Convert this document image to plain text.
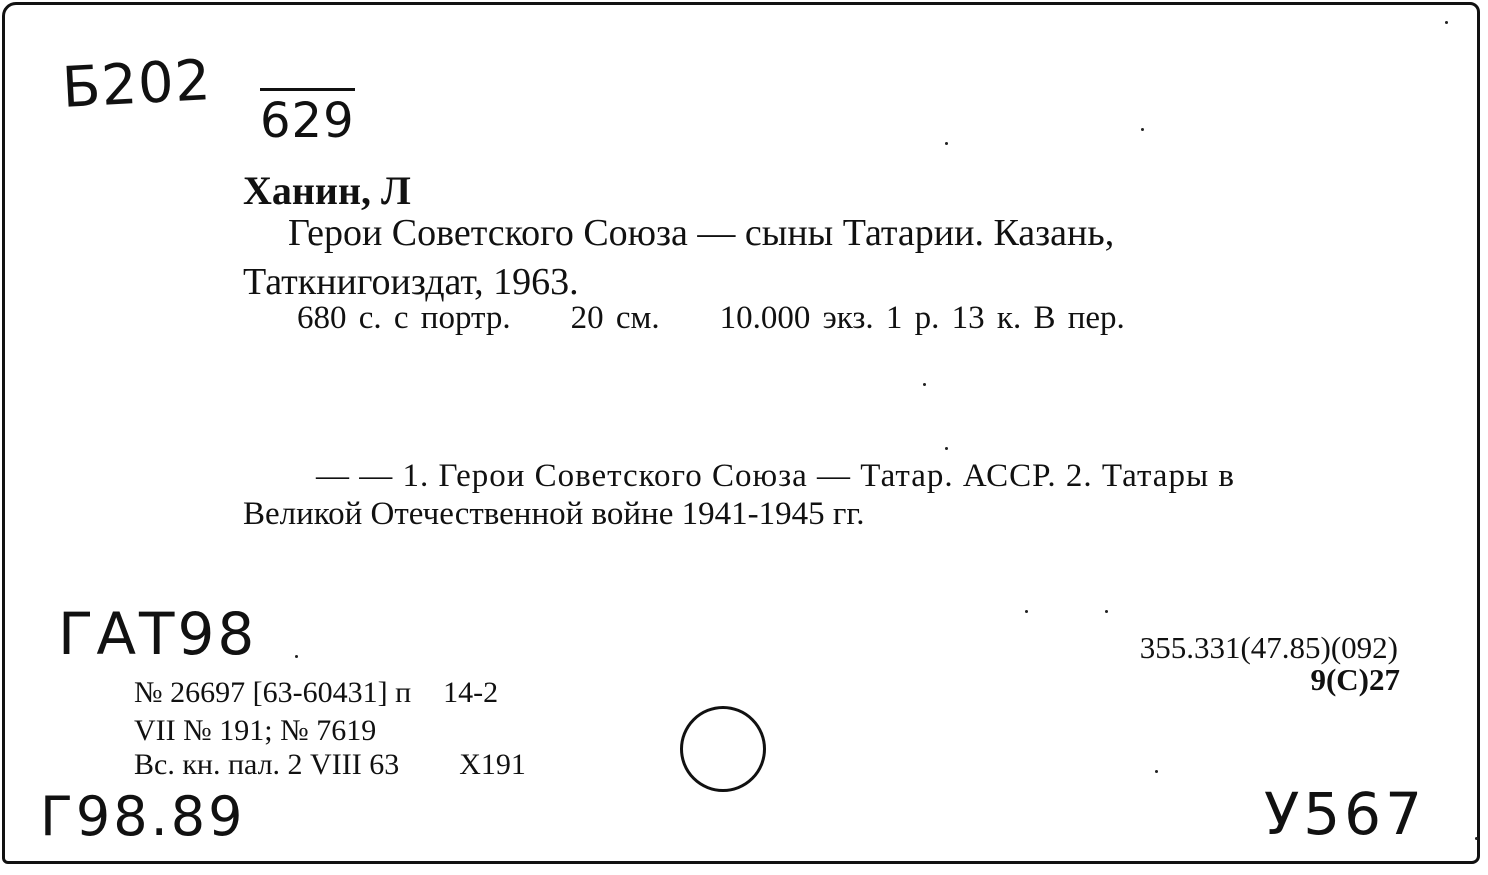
Б202
629
Ханин, Л
Герои Советского Союза — сыны Татарии. Казань,
Таткнигоиздат, 1963.
680 с. с портр. 20 см. 10.000 экз. 1 р. 13 к. В пер.
— — 1. Герои Советского Союза — Татар. АССР. 2. Татары в
Великой Отечественной войне 1941-1945 гг.
ГАТ98
№ 26697 [63-60431] п 14-2
VII № 191; № 7619
Вс. кн. пал. 2 VIII 63 Х191
355.331(47.85)(092)
9(С)27
Г98.89	У567
